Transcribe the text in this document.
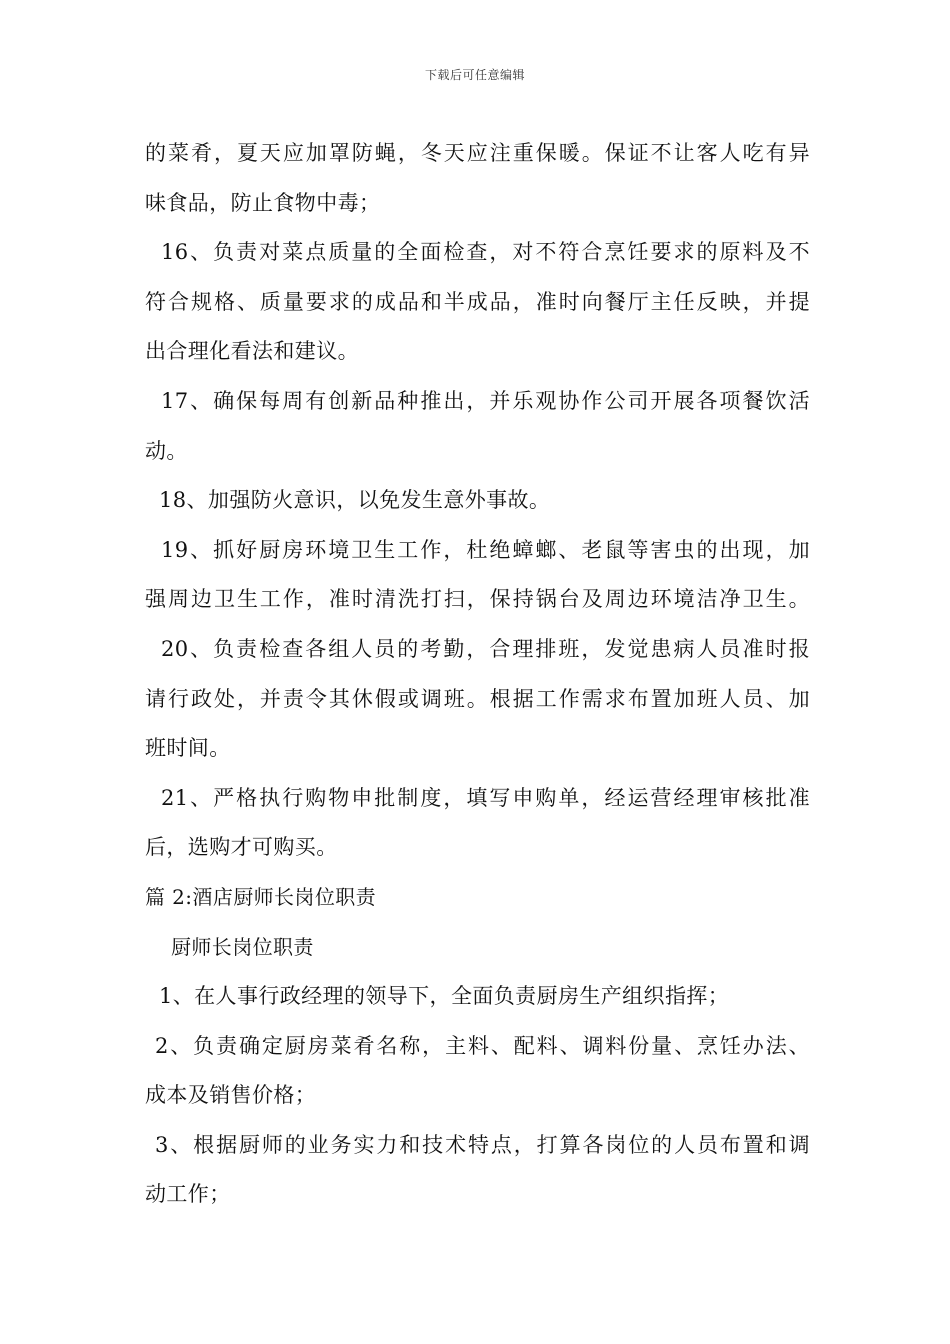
下载后可任意编辑
的菜肴，夏天应加罩防蝇，冬天应注重保暖。保证不让客人吃有异
味食品，防止食物中毒；
16、负责对菜点质量的全面检查，对不符合烹饪要求的原料及不
符合规格、质量要求的成品和半成品，准时向餐厅主任反映，并提
出合理化看法和建议。
17、确保每周有创新品种推出，并乐观协作公司开展各项餐饮活
动。
18、加强防火意识，以免发生意外事故。
19、抓好厨房环境卫生工作，杜绝蟑螂、老鼠等害虫的出现，加
强周边卫生工作，准时清洗打扫，保持锅台及周边环境洁净卫生。
20、负责检查各组人员的考勤，合理排班，发觉患病人员准时报
请行政处，并责令其休假或调班。根据工作需求布置加班人员、加
班时间。
21、严格执行购物申批制度，填写申购单，经运营经理审核批准
后，选购才可购买。
篇 2:酒店厨师长岗位职责
厨师长岗位职责
1、在人事行政经理的领导下，全面负责厨房生产组织指挥；
2、负责确定厨房菜肴名称，主料、配料、调料份量、烹饪办法、
成本及销售价格；
3、根据厨师的业务实力和技术特点，打算各岗位的人员布置和调
动工作；
